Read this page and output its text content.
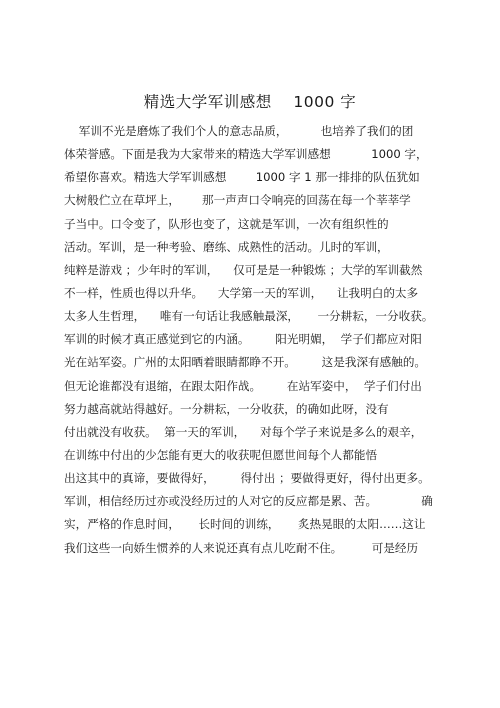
精选大学军训感想    1000 字
军训不光是磨炼了我们个人的意志品质，         也培养了我们的团
体荣誉感。下面是我为大家带来的精选大学军训感想           1000 字，
希望你喜欢。精选大学军训感想        1000 字 1 那一排排的队伍犹如
大树般伫立在草坪上，      那一声声口令响亮的回荡在每一个莘莘学
子当中。口令变了，队形也变了，这就是军训，一次有组织性的
活动。军训，是一种考验、磨练、成熟性的活动。儿时的军训，
纯粹是游戏 ；少年时的军训，    仅可是是一种锻炼 ；大学的军训截然
不一样，性质也得以升华。    大学第一天的军训，    让我明白的太多
太多人生哲理，    唯有一句话让我感触最深，     一分耕耘，一分收获。
军训的时候才真正感觉到它的内涵。       阳光明媚，  学子们都应对阳
光在站军姿。广州的太阳晒着眼睛都睁不开。       这是我深有感触的。
但无论谁都没有退缩，在跟太阳作战。       在站军姿中，  学子们付出
努力越高就站得越好。一分耕耘，一分收获，的确如此呀，没有
付出就没有收获。  第一天的军训，    对每个学子来说是多么的艰辛，
在训练中付出的少怎能有更大的收获呢但愿世间每个人都能悟
出这其中的真谛，要做得好，       得付出 ；要做得更好，得付出更多。
军训，相信经历过亦或没经历过的人对它的反应都是累、苦。            确
实，严格的作息时间，     长时间的训练，     炙热晃眼的太阳……这让
我们这些一向娇生惯养的人来说还真有点儿吃耐不住。        可是经历
